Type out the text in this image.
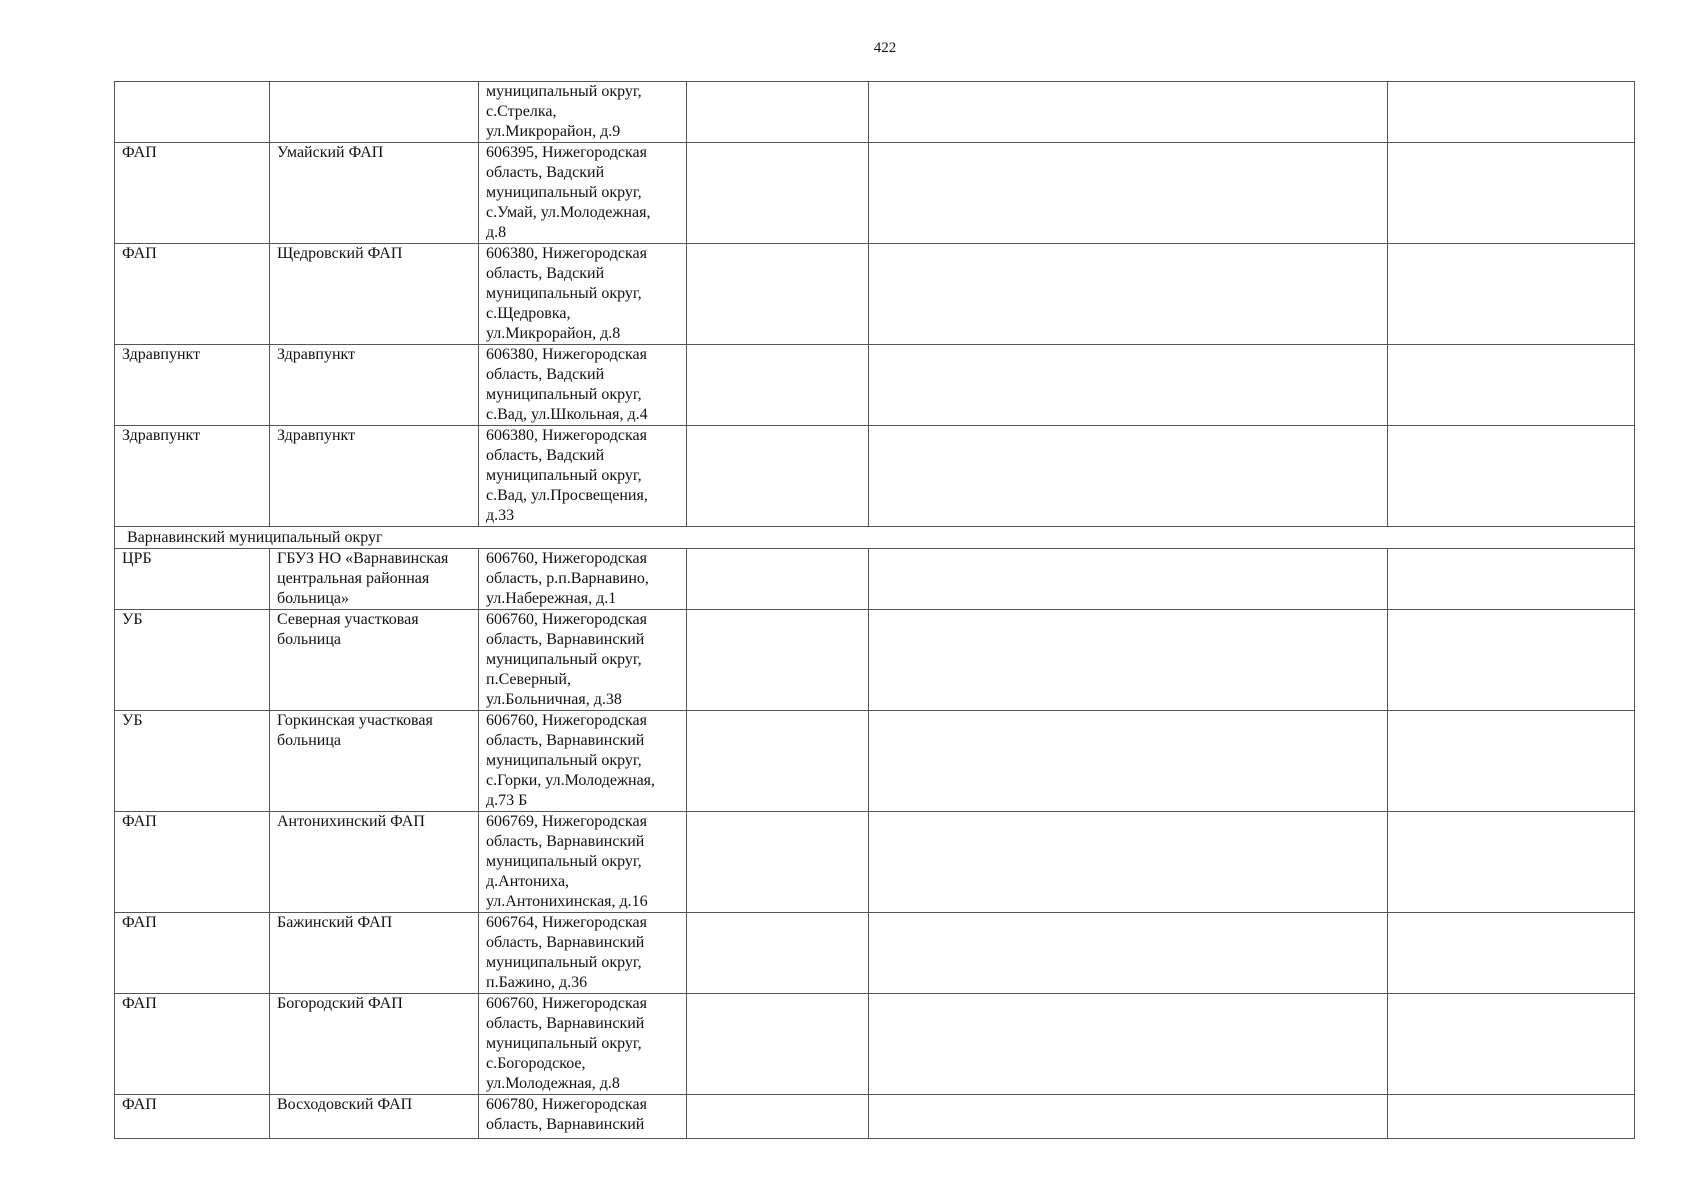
422

		муниципальный округ,
с.Стрелка,
ул.Микрорайон, д.9			

ФАП	Умайский ФАП	606395, Нижегородская
область, Вадский
муниципальный округ,
с.Умай, ул.Молодежная,
д.8			

ФАП	Щедровский ФАП	606380, Нижегородская
область, Вадский
муниципальный округ,
с.Щедровка,
ул.Микрорайон, д.8			

Здравпункт	Здравпункт	606380, Нижегородская
область, Вадский
муниципальный округ,
с.Вад, ул.Школьная, д.4			

Здравпункт	Здравпункт	606380, Нижегородская
область, Вадский
муниципальный округ,
с.Вад, ул.Просвещения,
д.33			

Варнавинский муниципальный округ					

ЦРБ	ГБУЗ НО «Варнавинская
центральная районная
больница»	606760, Нижегородская
область, р.п.Варнавино,
ул.Набережная, д.1			

УБ	Северная участковая
больница	606760, Нижегородская
область, Варнавинский
муниципальный округ,
п.Северный,
ул.Больничная, д.38			

УБ	Горкинская участковая
больница	606760, Нижегородская
область, Варнавинский
муниципальный округ,
с.Горки, ул.Молодежная,
д.73 Б			

ФАП	Антонихинский ФАП	606769, Нижегородская
область, Варнавинский
муниципальный округ,
д.Антониха,
ул.Антонихинская, д.16			

ФАП	Бажинский ФАП	606764, Нижегородская
область, Варнавинский
муниципальный округ,
п.Бажино, д.36			

ФАП	Богородский ФАП	606760, Нижегородская
область, Варнавинский
муниципальный округ,
с.Богородское,
ул.Молодежная, д.8			

ФАП	Восходовский ФАП	606780, Нижегородская
область, Варнавинский			
